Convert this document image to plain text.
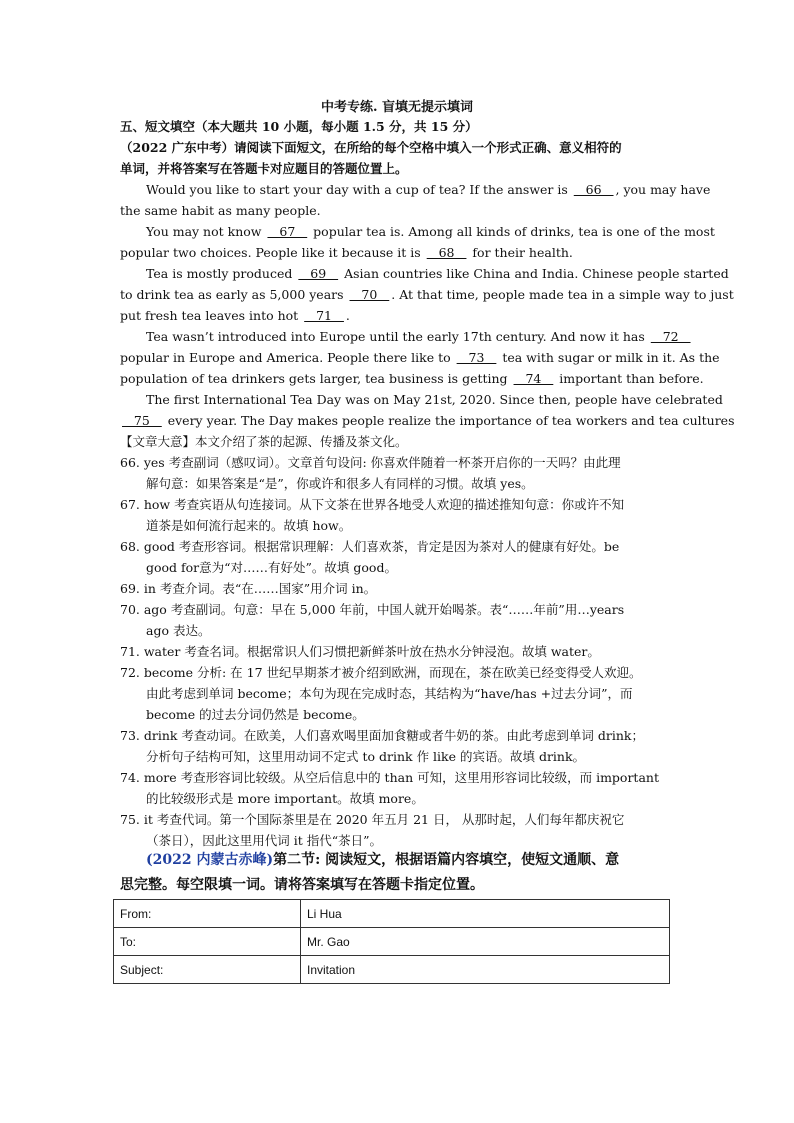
中考专练. 盲填无提示填词
五、短文填空（本大题共 10 小题，每小题 1.5 分，共 15 分）
（2022 广东中考）请阅读下面短文，在所给的每个空格中填入一个形式正确、意义相符的
单词，并将答案写在答题卡对应题目的答题位置上。
Would you like to start your day with a cup of tea? If the answer is    66   , you may have
the same habit as many people.
You may not know    67    popular tea is. Among all kinds of drinks, tea is one of the most
popular two choices. People like it because it is    68    for their health.
Tea is mostly produced    69    Asian countries like China and India. Chinese people started
to drink tea as early as 5,000 years    70   . At that time, people made tea in a simple way to just
put fresh tea leaves into hot    71   .
Tea wasn’t introduced into Europe until the early 17th century. And now it has    72
popular in Europe and America. People there like to    73    tea with sugar or milk in it. As the
population of tea drinkers gets larger, tea business is getting    74    important than before.
The first International Tea Day was on May 21st, 2020. Since then, people have celebrated
75    every year. The Day makes people realize the importance of tea workers and tea cultures
【文章大意】本文介绍了茶的起源、传播及茶文化。
66. yes 考查副词（感叹词）。文章首句设问: 你喜欢伴随着一杯茶开启你的一天吗？由此理
解句意：如果答案是“是”，你或许和很多人有同样的习惯。故填 yes。
67. how 考查宾语从句连接词。从下文茶在世界各地受人欢迎的描述推知句意：你或许不知
道茶是如何流行起来的。故填 how。
68. good 考查形容词。根据常识理解：人们喜欢茶，肯定是因为茶对人的健康有好处。be
good for意为“对……有好处”。故填 good。
69. in 考查介词。表“在……国家”用介词 in。
70. ago 考查副词。句意：早在 5,000 年前，中国人就开始喝茶。表“……年前”用…years
ago 表达。
71. water 考查名词。根据常识人们习惯把新鲜茶叶放在热水分钟浸泡。故填 water。
72. become 分析: 在 17 世纪早期茶才被介绍到欧洲，而现在，茶在欧美已经变得受人欢迎。
由此考虑到单词 become；本句为现在完成时态，其结构为“have/has +过去分词”，而
become 的过去分词仍然是 become。
73. drink 考查动词。在欧美，人们喜欢喝里面加食糖或者牛奶的茶。由此考虑到单词 drink；
分析句子结构可知，这里用动词不定式 to drink 作 like 的宾语。故填 drink。
74. more 考查形容词比较级。从空后信息中的 than 可知，这里用形容词比较级，而 important
的比较级形式是 more important。故填 more。
75. it 考查代词。第一个国际茶里是在 2020 年五月 21 日， 从那时起，人们每年都庆祝它
（茶日），因此这里用代词 it 指代“茶日”。
(2022 内蒙古赤峰)第二节: 阅读短文，根据语篇内容填空，使短文通顺、意
思完整。每空限填一词。请将答案填写在答题卡指定位置。
From:	Li Hua
To:	Mr. Gao
Subject:	Invitation
